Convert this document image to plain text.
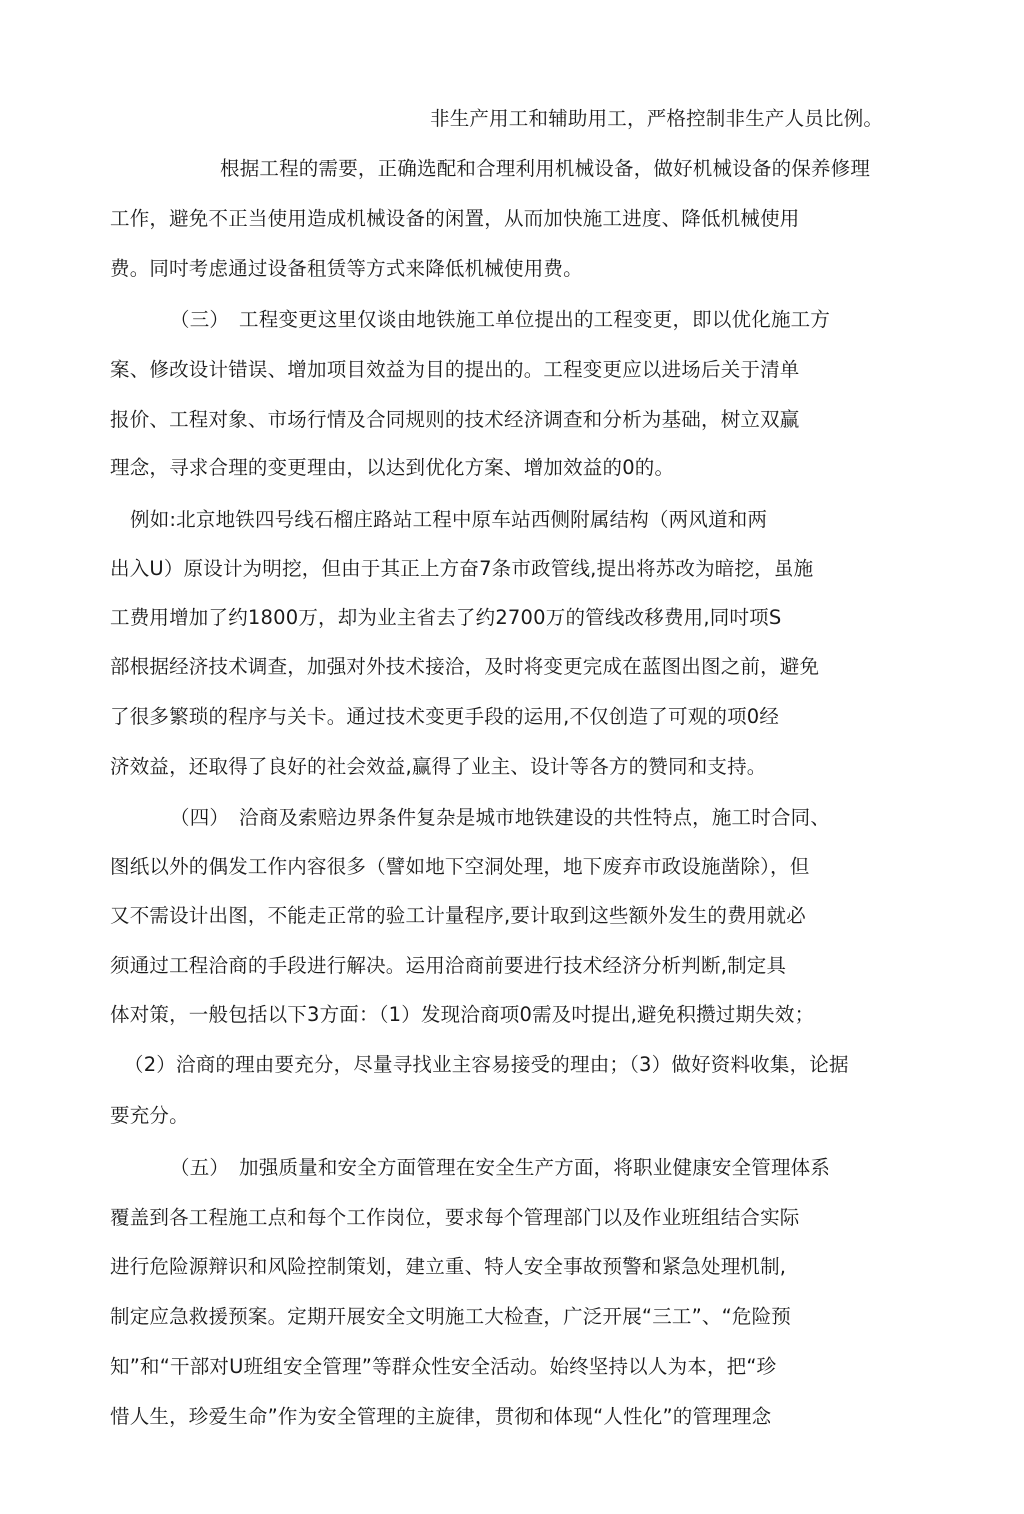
非生产用工和辅助用工，严格控制非生产人员比例。
根据工程的需要，正确选配和合理利用机械设备，做好机械设备的保养修理
工作，避免不正当使用造成机械设备的闲置，从而加快施工进度、降低机械使用
费。同吋考虑通过设备租赁等方式来降低机械使用费。
（三）　工程变更这里仅谈由地铁施工单位提出的工程变更，即以优化施工方
案、修改设计错误、增加项目效益为目的提出的。工程变更应以进场后关于清单
报价、工程对象、市场行情及合同规则的技术经济调查和分析为基础，树立双赢
理念，寻求合理的变更理由，以达到优化方案、增加效益的0的。
例如:北京地铁四号线石榴庄路站工程中原车站西侧附属结构（两风道和两
出入U）原设计为明挖，但由于其正上方奋7条市政管线,提出将苏改为暗挖，虽施
工费用增加了约1800万，却为业主省去了约2700万的管线改移费用,同吋项S
部根据经济技术调查，加强对外技术接洽，及时将变更完成在蓝图出图之前，避免
了很多繁琐的程序与关卡。通过技术变更手段的运用,不仅创造了可观的项0经
济效益，还取得了良好的社会效益,赢得了业主、设计等各方的赞同和支持。
（四）　洽商及索赔边界条件复杂是城市地铁建设的共性特点，施工时合同、
图纸以外的偶发工作内容很多（譬如地下空洞处理，地下废弃市政设施凿除），但
又不需设计出图，不能走正常的验工计量程序,要计取到这些额外发生的费用就必
须通过工程洽商的手段进行解决。运用洽商前要进行技术经济分析判断,制定具
体对策，一般包括以下3方面：（1）发现洽商项0需及吋提出,避免积攒过期失效；
（2）洽商的理由要充分，尽量寻找业主容易接受的理由；（3）做好资料收集，论据
要充分。
（五）　加强质量和安全方面管理在安全生产方面，将职业健康安全管理体系
覆盖到各工程施工点和每个工作岗位，要求每个管理部门以及作业班组结合实际
进行危险源辩识和风险控制策划，建立重、特人安全事故预警和紧急处理机制,
制定应急救援预案。定期幵展安全文明施工大检查，广泛开展“三工”、“危险预
知”和“干部对U班组安全管理”等群众性安全活动。始终坚持以人为本，把“珍
惜人生，珍爱生命”作为安全管理的主旋律，贯彻和体现“人性化”的管理理念
